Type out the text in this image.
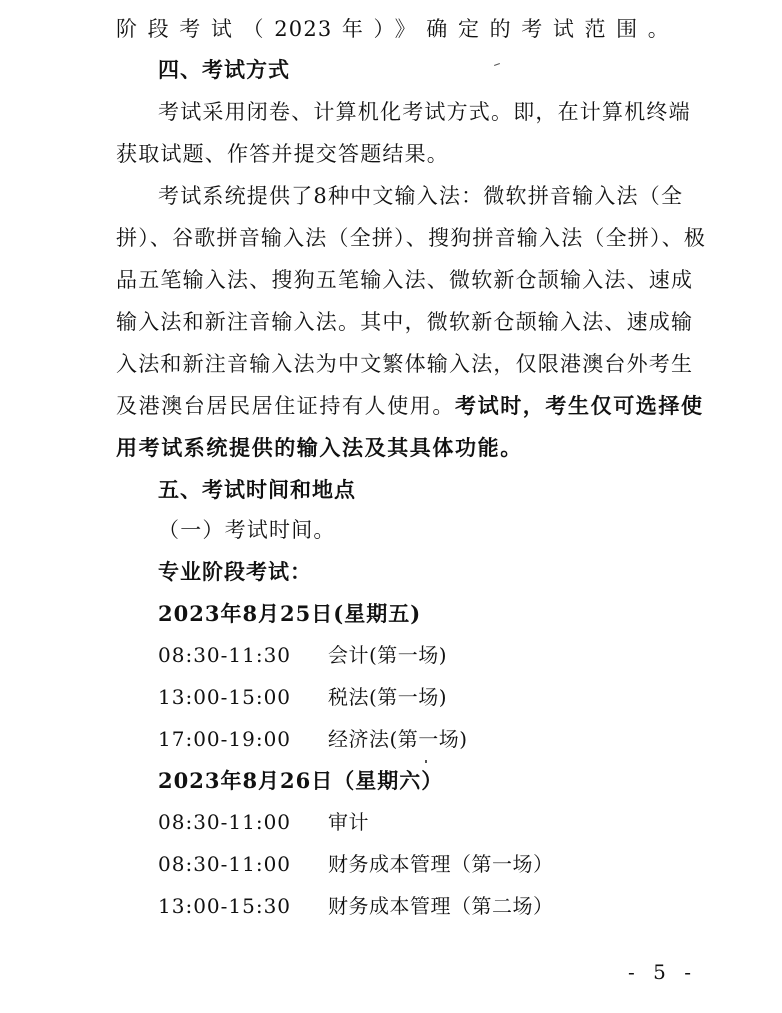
阶段考试（2023年）》确定的考试范围。
四、考试方式
考试采用闭卷、计算机化考试方式。即，在计算机终端
获取试题、作答并提交答题结果。
考试系统提供了8种中文输入法：微软拼音输入法（全
拼）、谷歌拼音输入法（全拼）、搜狗拼音输入法（全拼）、极
品五笔输入法、搜狗五笔输入法、微软新仓颉输入法、速成
输入法和新注音输入法。其中，微软新仓颉输入法、速成输
入法和新注音输入法为中文繁体输入法，仅限港澳台外考生
及港澳台居民居住证持有人使用。考试时，考生仅可选择使
用考试系统提供的输入法及其具体功能。
五、考试时间和地点
（一）考试时间。
专业阶段考试：
2023年8月25日(星期五)
08:30-11:30 会计(第一场)
13:00-15:00 税法(第一场)
17:00-19:00 经济法(第一场)
2023年8月26日（星期六）
08:30-11:00 审计
08:30-11:00 财务成本管理（第一场）
13:00-15:30 财务成本管理（第二场）
- 5 -
